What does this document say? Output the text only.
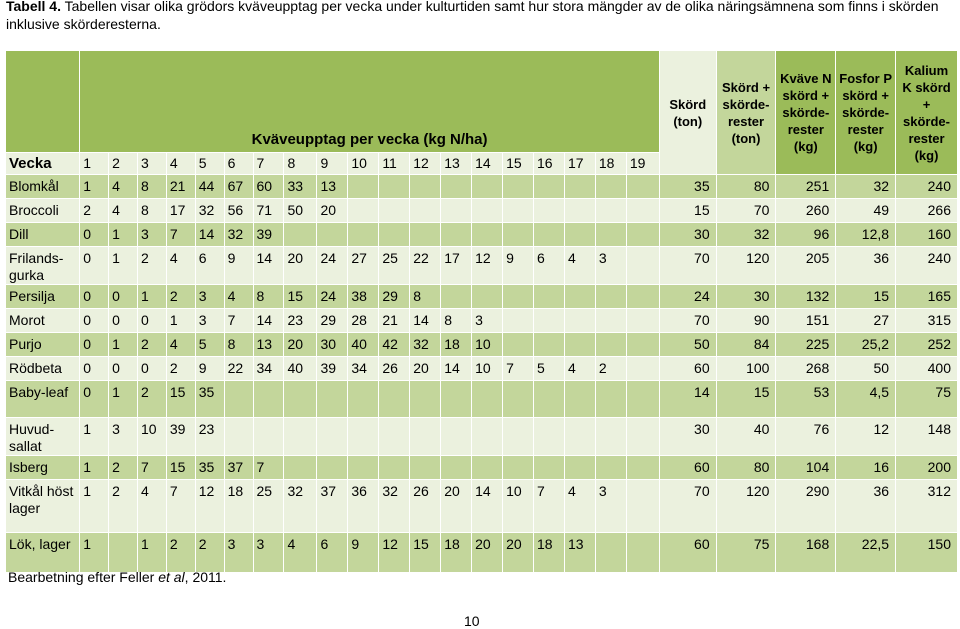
Tabell 4. Tabellen visar olika grödors kväveupptag per vecka under kulturtiden samt hur stora mängder av de olika näringsämnena som finns i skörden inklusive skörderesterna.
	Kväveupptag per vecka (kg N/ha)																			Skörd (ton)	Skörd + skörde-rester (ton)	Kväve N skörd + skörde-rester (kg)	Fosfor P skörd + skörde-rester (kg)	Kalium K skörd + skörde-rester (kg)
Vecka	1	2	3	4	5	6	7	8	9	10	11	12	13	14	15	16	17	18	19					
Blomkål	1	4	8	21	44	67	60	33	13											35	80	251	32	240
Broccoli	2	4	8	17	32	56	71	50	20											15	70	260	49	266
Dill	0	1	3	7	14	32	39													30	32	96	12,8	160
Frilands-gurka	0	1	2	4	6	9	14	20	24	27	25	22	17	12	9	6	4	3		70	120	205	36	240
Persilja	0	0	1	2	3	4	8	15	24	38	29	8								24	30	132	15	165
Morot	0	0	0	1	3	7	14	23	29	28	21	14	8	3						70	90	151	27	315
Purjo	0	1	2	4	5	8	13	20	30	40	42	32	18	10						50	84	225	25,2	252
Rödbeta	0	0	0	2	9	22	34	40	39	34	26	20	14	10	7	5	4	2		60	100	268	50	400
Baby-leaf	0	1	2	15	35															14	15	53	4,5	75
Huvud-sallat	1	3	10	39	23															30	40	76	12	148
Isberg	1	2	7	15	35	37	7													60	80	104	16	200
Vitkål höst lager	1	2	4	7	12	18	25	32	37	36	32	26	20	14	10	7	4	3		70	120	290	36	312
Lök, lager	1		1	2	2	3	3	4	6	9	12	15	18	20	20	18	13			60	75	168	22,5	150
Bearbetning efter Feller et al, 2011.
10
